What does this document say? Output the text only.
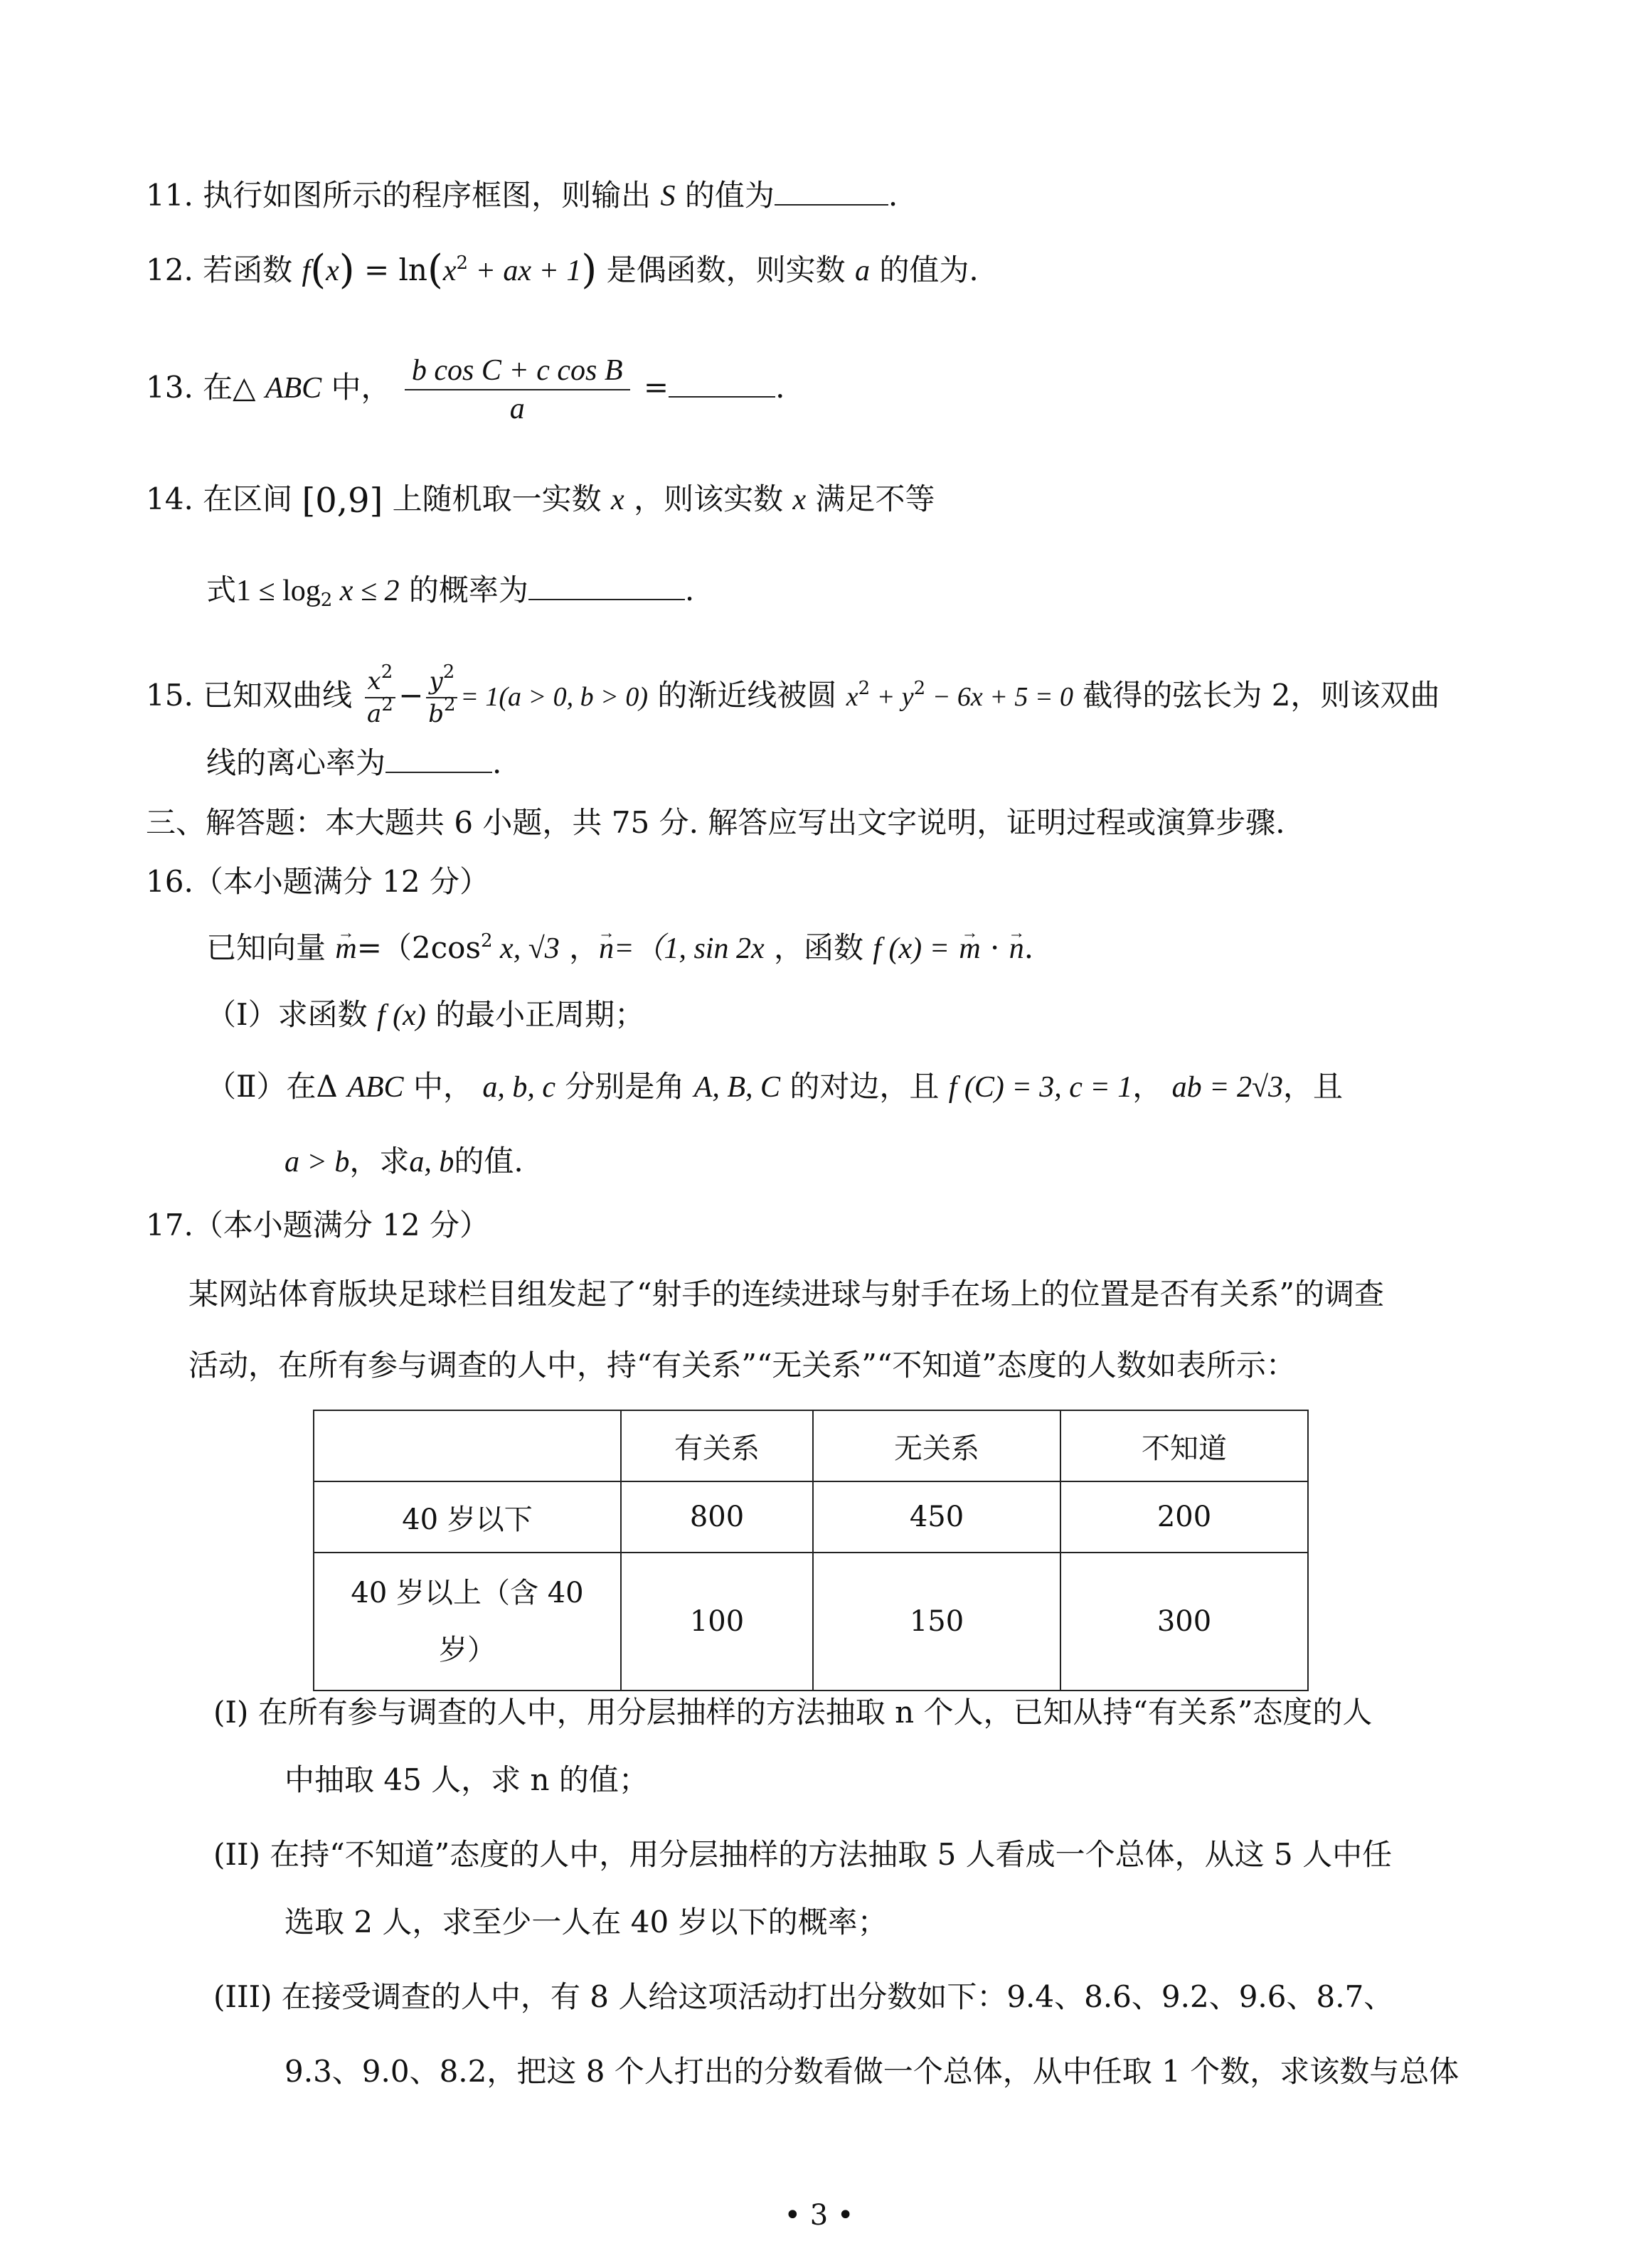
11. 执行如图所示的程序框图，则输出 S 的值为	.
12. 若函数 $f(x) = \ln(x^2$ + ax + 1) 是偶函数，则实数 a 的值为.
13. 在△ ABC 中， $\frac{\text{b cos C + c cos B}}{a}$ =	.
14. 在区间 [0,9] 上随机取一实数 x ，则该实数 x 满足不等
式$1 \le \log_2 x \le 2$ 的概率为	.
15. 已知双曲线 $\frac{x^2}{a^2} - \frac{y^2}{b^2} = 1(a > 0$, b > 0) 的渐近线被圆 $x^2 + y^2 - 6x + 5 = 0$ 截得的弦长为 2，则该双曲
线的离心率为	.
三、解答题：本大题共 6 小题，共 75 分. 解答应写出文字说明，证明过程或演算步骤.
16.（本小题满分 12 分）
已知向量 → $m=(2\cos^2$ x, √3 ，→ n=（1, sin 2x ，函数 f (x) = → m · → n.
（Ⅰ）求函数 f (x) 的最小正周期；
（Ⅱ）在Δ ABC 中， a, b, c 分别是角 A, B, C 的对边，且 f (C) = 3, c = 1， ab = 2√3，且
a > b，求a, b的值.
17.（本小题满分 12 分）
某网站体育版块足球栏目组发起了“射手的连续进球与射手在场上的位置是否有关系”的调查
活动，在所有参与调查的人中，持“有关系”“无关系”“不知道”态度的人数如表所示：
	有关系	无关系	不知道
40 岁以下	800	450	200
40 岁以上（含 40
岁）	100	150	300
(I) 在所有参与调查的人中，用分层抽样的方法抽取 n 个人，已知从持“有关系”态度的人
中抽取 45 人，求 n 的值；
(II) 在持“不知道”态度的人中，用分层抽样的方法抽取 5 人看成一个总体，从这 5 人中任
选取 2 人，求至少一人在 40 岁以下的概率；
(III) 在接受调查的人中，有 8 人给这项活动打出分数如下：9.4、8.6、9.2、9.6、8.7、
9.3、9.0、8.2，把这 8 个人打出的分数看做一个总体，从中任取 1 个数，求该数与总体
• 3 •
